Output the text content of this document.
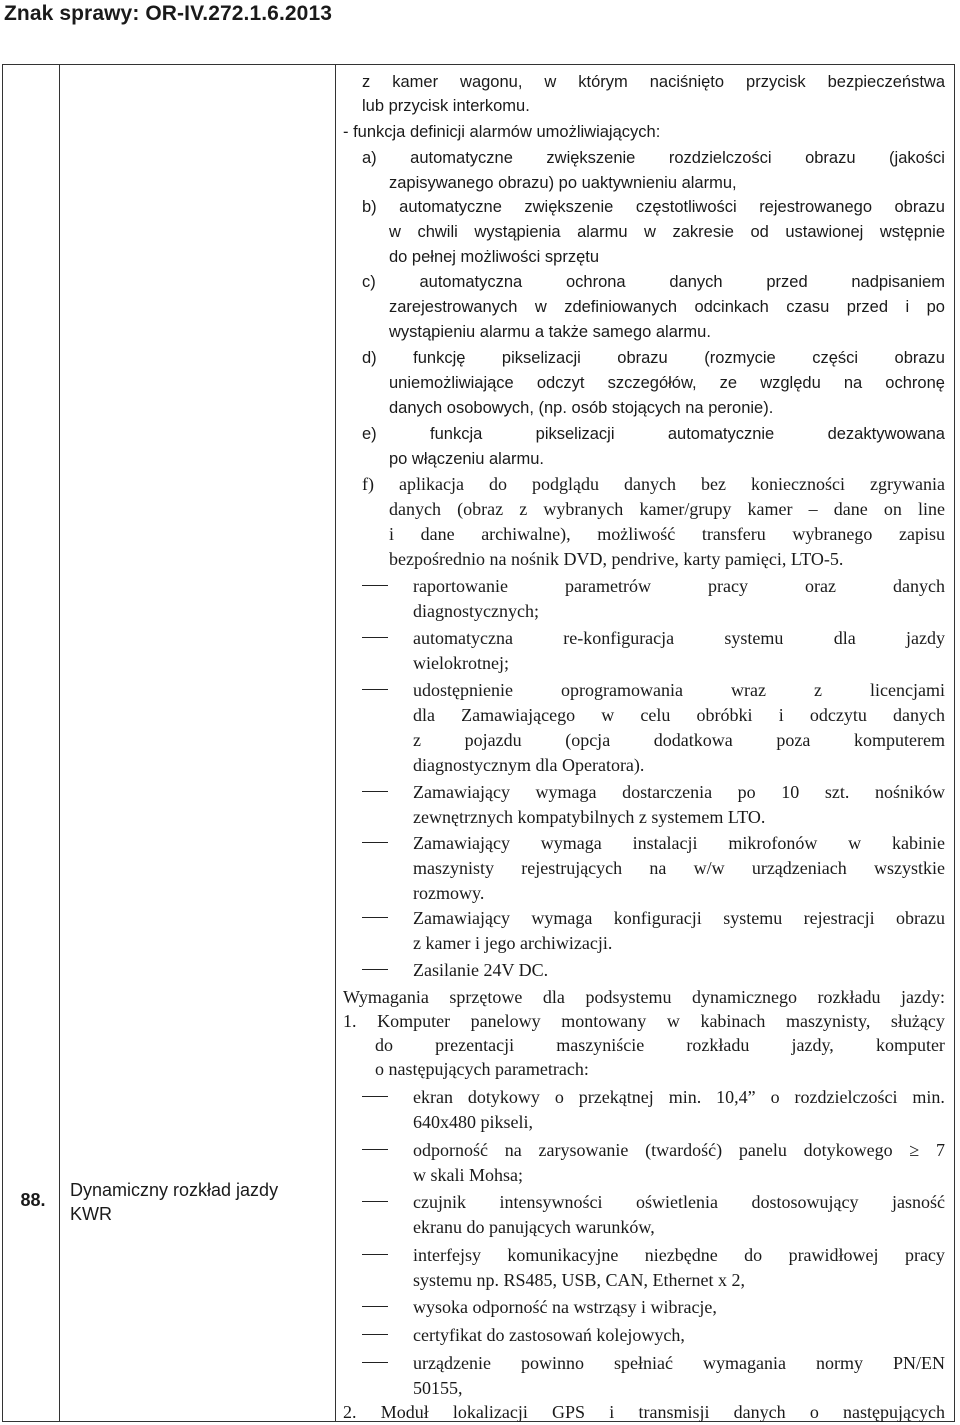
Znak sprawy: OR-IV.272.1.6.2013
88.	Dynamiczny rozkład jazdy
KWR
z kamer wagonu, w którym naciśnięto przycisk bezpieczeństwa
lub przycisk interkomu.
- funkcja definicji alarmów umożliwiających:
a) automatyczne zwiększenie rozdzielczości obrazu (jakości
zapisywanego obrazu) po uaktywnieniu alarmu,
b) automatyczne zwiększenie częstotliwości rejestrowanego obrazu
w chwili wystąpienia alarmu w zakresie od ustawionej wstępnie
do pełnej możliwości sprzętu
c)	automatyczna	ochrona	danych	przed	nadpisaniem
zarejestrowanych w zdefiniowanych odcinkach czasu przed i po
wystąpieniu alarmu a także samego alarmu.
d) funkcję pikselizacji obrazu (rozmycie części obrazu
uniemożliwiające odczyt szczegółów, ze względu na ochronę
danych osobowych, (np. osób stojących na peronie).
e)	funkcja	pikselizacji	automatycznie	dezaktywowana
po włączeniu alarmu.
f) aplikacja do podglądu danych bez konieczności zgrywania
danych (obraz z wybranych kamer/grupy kamer – dane on line
i dane archiwalne), możliwość transferu wybranego zapisu
bezpośrednio na nośnik DVD, pendrive, karty pamięci, LTO-5.
raportowanie	parametrów	pracy	oraz	danych
diagnostycznych;
automatyczna	re-konfiguracja	systemu	dla	jazdy
wielokrotnej;
udostępnienie	oprogramowania	wraz	z	licencjami
dla Zamawiającego w celu obróbki i odczytu danych
z pojazdu (opcja dodatkowa poza komputerem
diagnostycznym dla Operatora).
Zamawiający wymaga dostarczenia po 10 szt. nośników
zewnętrznych kompatybilnych z systemem LTO.
Zamawiający wymaga instalacji mikrofonów w kabinie
maszynisty rejestrujących na w/w urządzeniach wszystkie
rozmowy.
Zamawiający wymaga konfiguracji systemu rejestracji obrazu
z kamer i jego archiwizacji.
Zasilanie 24V DC.
Wymagania sprzętowe dla podsystemu dynamicznego rozkładu jazdy:
1. Komputer panelowy montowany w kabinach maszynisty, służący
do prezentacji maszyniście rozkładu jazdy, komputer
o następujących parametrach:
ekran dotykowy o przekątnej min. 10,4” o rozdzielczości min.
640x480 pikseli,
odporność na zarysowanie (twardość) panelu dotykowego ≥ 7
w skali Mohsa;
czujnik intensywności oświetlenia dostosowujący jasność
ekranu do panujących warunków,
interfejsy komunikacyjne niezbędne do prawidłowej pracy
systemu np. RS485, USB, CAN, Ethernet x 2,
wysoka odporność na wstrząsy i wibracje,
certyfikat do zastosowań kolejowych,
urządzenie powinno spełniać wymagania normy PN/EN
50155,
2. Moduł lokalizacji GPS i transmisji danych o następujących
